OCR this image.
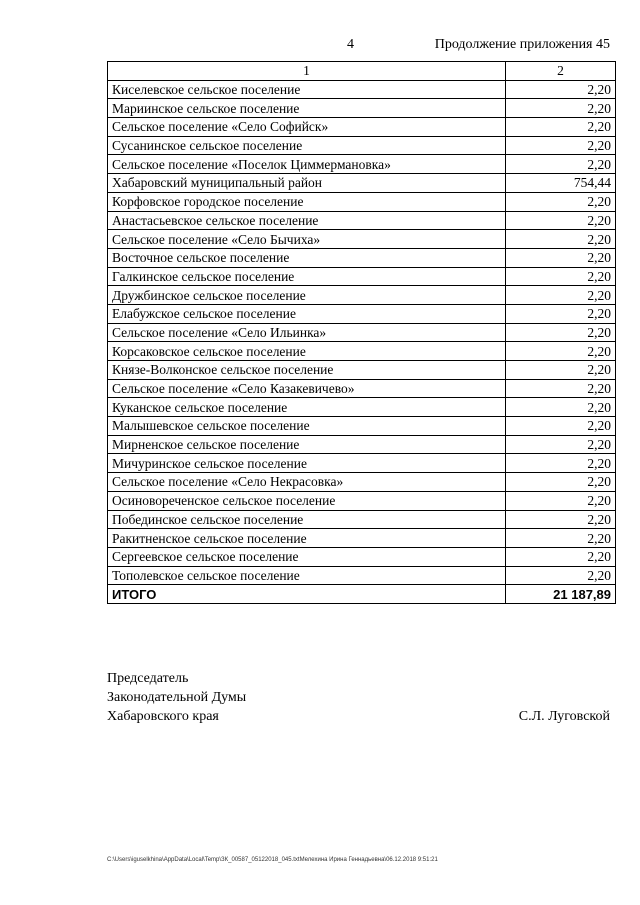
4	Продолжение приложения 45
1	2
Киселевское сельское поселение	2,20
Мариинское сельское поселение	2,20
Сельское поселение «Село Софийск»	2,20
Сусанинское сельское поселение	2,20
Сельское поселение «Поселок Циммермановка»	2,20
Хабаровский муниципальный район	754,44
Корфовское городское поселение	2,20
Анастасьевское сельское поселение	2,20
Сельское поселение «Село Бычиха»	2,20
Восточное сельское поселение	2,20
Галкинское сельское поселение	2,20
Дружбинское сельское поселение	2,20
Елабужское сельское поселение	2,20
Сельское поселение «Село Ильинка»	2,20
Корсаковское сельское поселение	2,20
Князе-Волконское сельское поселение	2,20
Сельское поселение «Село Казакевичево»	2,20
Куканское сельское поселение	2,20
Малышевское сельское поселение	2,20
Мирненское сельское поселение	2,20
Мичуринское сельское поселение	2,20
Сельское поселение «Село Некрасовка»	2,20
Осиновореченское сельское поселение	2,20
Побединское сельское поселение	2,20
Ракитненское сельское поселение	2,20
Сергеевское сельское поселение	2,20
Тополевское сельское поселение	2,20
ИТОГО	21 187,89
Председатель
Законодательной Думы
Хабаровского края	С.Л. Луговской
C:\Users\iguselkhina\AppData\Local\Temp\ЗК_00587_05122018_045.txtМелехина Ирина Геннадьевна\06.12.2018 9:51:21
